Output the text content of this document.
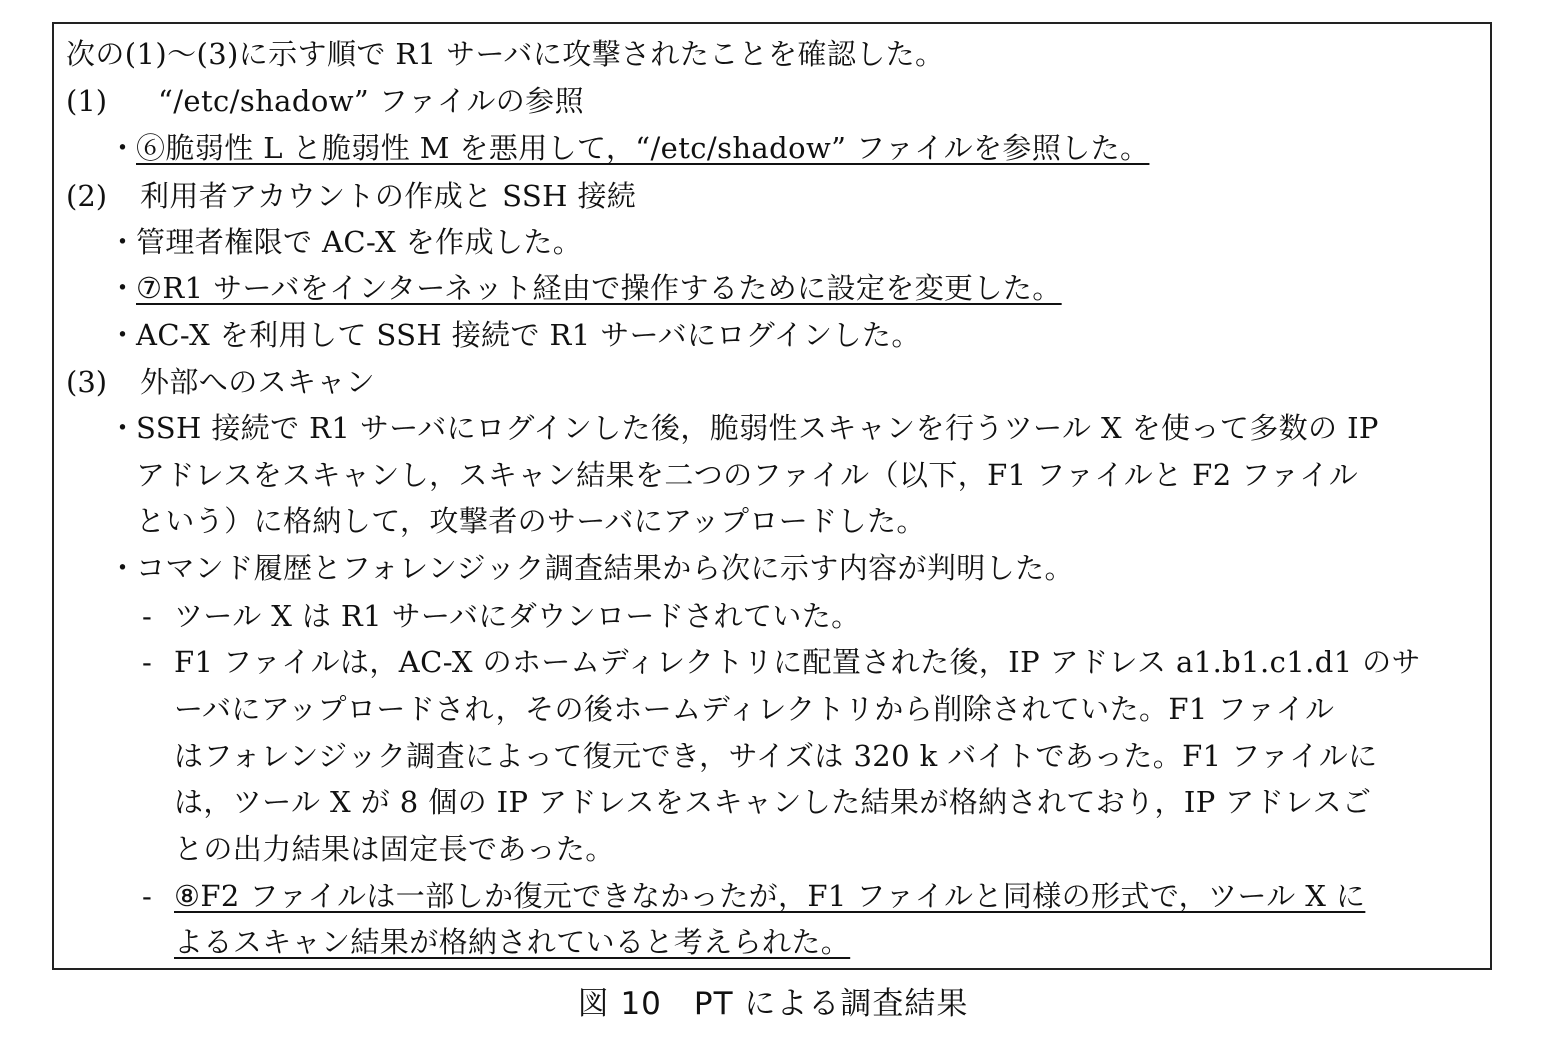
次の(1)～(3)に示す順で R1 サーバに攻撃されたことを確認した。
(1) “/etc/shadow” ファイルの参照
・
⑥脆弱性 L と脆弱性 M を悪用して，“/etc/shadow” ファイルを参照した。
(2) 利用者アカウントの作成と SSH 接続
・
管理者権限で AC-X を作成した。
・
⑦R1 サーバをインターネット経由で操作するために設定を変更した。
・
AC-X を利用して SSH 接続で R1 サーバにログインした。
(3) 外部へのスキャン
・
SSH 接続で R1 サーバにログインした後，脆弱性スキャンを行うツール X を使って多数の IP
アドレスをスキャンし，スキャン結果を二つのファイル（以下，F1 ファイルと F2 ファイル
という）に格納して，攻撃者のサーバにアップロードした。
・
コマンド履歴とフォレンジック調査結果から次に示す内容が判明した。
- ツール X は R1 サーバにダウンロードされていた。
- F1 ファイルは，AC-X のホームディレクトリに配置された後，IP アドレス a1.b1.c1.d1 のサ
ーバにアップロードされ，その後ホームディレクトリから削除されていた。F1 ファイル
はフォレンジック調査によって復元でき，サイズは 320 k バイトであった。F1 ファイルに
は，ツール X が 8 個の IP アドレスをスキャンした結果が格納されており，IP アドレスご
との出力結果は固定長であった。
- ⑧F2 ファイルは一部しか復元できなかったが，F1 ファイルと同様の形式で，ツール X に
よるスキャン結果が格納されていると考えられた。
図 10　PT による調査結果
